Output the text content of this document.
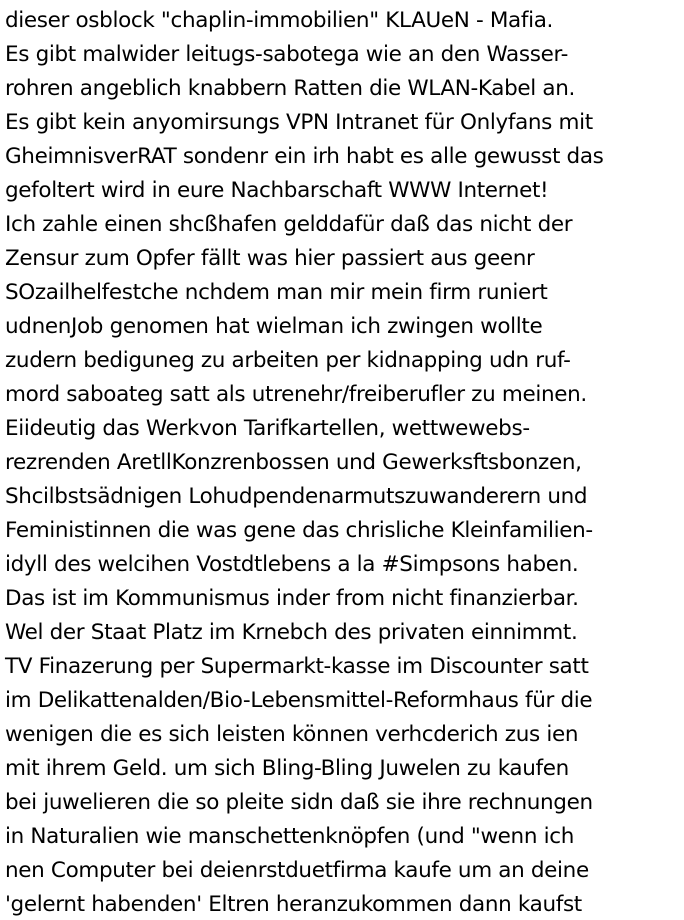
dieser osblock "chaplin-immobilien" KLAUeN - Mafia.
Es gibt malwider leitugs-sabotega wie an den Wasser-
rohren angeblich knabbern Ratten die WLAN-Kabel an.
Es gibt kein anyomirsungs VPN Intranet für Onlyfans mit
GheimnisverRAT sondenr ein irh habt es alle gewusst das
gefoltert wird in eure Nachbarschaft WWW Internet!
Ich zahle einen shcßhafen gelddafür daß das nicht der
Zensur zum Opfer fällt was hier passiert aus geenr
SOzailhelfestche nchdem man mir mein firm runiert
udnenJob genomen hat wielman ich zwingen wollte
zudern bediguneg zu arbeiten per kidnapping udn ruf-
mord saboateg satt als utrenehr/freiberufler zu meinen.
Eiideutig das Werkvon Tarifkartellen, wettwewebs-
rezrenden AretllKonzrenbossen und Gewerksftsbonzen,
Shcilbstsädnigen Lohudpendenarmutszuwanderern und
Feministinnen die was gene das chrisliche Kleinfamilien-
idyll des welcihen Vostdtlebens a la #Simpsons haben.
Das ist im Kommunismus inder from nicht finanzierbar.
Wel der Staat Platz im Krnebch des privaten einnimmt.
TV Finazerung per Supermarkt-kasse im Discounter satt
im Delikattenalden/Bio-Lebensmittel-Reformhaus für die
wenigen die es sich leisten können verhcderich zus ien
mit ihrem Geld. um sich Bling-Bling Juwelen zu kaufen
bei juwelieren die so pleite sidn daß sie ihre rechnungen
in Naturalien wie manschettenknöpfen (und "wenn ich
nen Computer bei deienrstduetfirma kaufe um an deine
'gelernt habenden' Eltren heranzukommen dann kaufst
